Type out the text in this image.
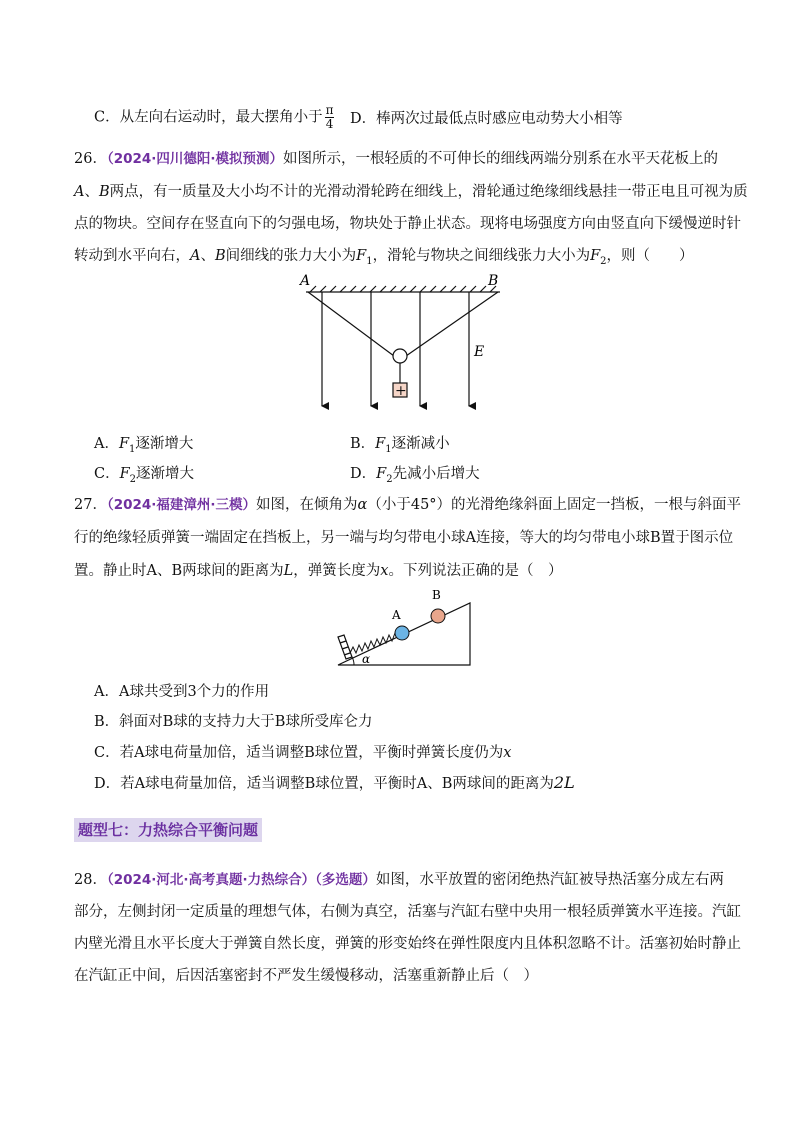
C．从左向右运动时，最大摆角小于 $\frac{\pi}{4}$ D．棒两次过最低点时感应电动势大小相等
26．（2024·四川德阳·模拟预测）如图所示，一根轻质的不可伸长的细线两端分别系在水平天花板上的
A、B两点，有一质量及大小均不计的光滑动滑轮跨在细线上，滑轮通过绝缘细线悬挂一带正电且可视为质
点的物块。空间存在竖直向下的匀强电场，物块处于静止状态。现将电场强度方向由竖直向下缓慢逆时针
转动到水平向右，A、B间细线的张力大小为$F_1$，滑轮与物块之间细线张力大小为$F_2$，则（　　）
A	B
E
+
A．$F_1$逐渐增大	B．$F_1$逐渐减小
C．$F_2$逐渐增大	D．$F_2$先减小后增大
27．（2024·福建漳州·三模）如图，在倾角为α（小于45°）的光滑绝缘斜面上固定一挡板，一根与斜面平
行的绝缘轻质弹簧一端固定在挡板上，另一端与均匀带电小球A连接，等大的均匀带电小球B置于图示位
置。静止时A、B两球间的距离为L，弹簧长度为x。下列说法正确的是（　）
A
B
α
A．A球共受到3个力的作用
B．斜面对B球的支持力大于B球所受库仑力
C．若A球电荷量加倍，适当调整B球位置，平衡时弹簧长度仍为x
D．若A球电荷量加倍，适当调整B球位置，平衡时A、B两球间的距离为2L
题型七：力热综合平衡问题
28．（2024·河北·高考真题·力热综合）（多选题）如图，水平放置的密闭绝热汽缸被导热活塞分成左右两
部分，左侧封闭一定质量的理想气体，右侧为真空，活塞与汽缸右壁中央用一根轻质弹簧水平连接。汽缸
内壁光滑且水平长度大于弹簧自然长度，弹簧的形变始终在弹性限度内且体积忽略不计。活塞初始时静止
在汽缸正中间，后因活塞密封不严发生缓慢移动，活塞重新静止后（　）
